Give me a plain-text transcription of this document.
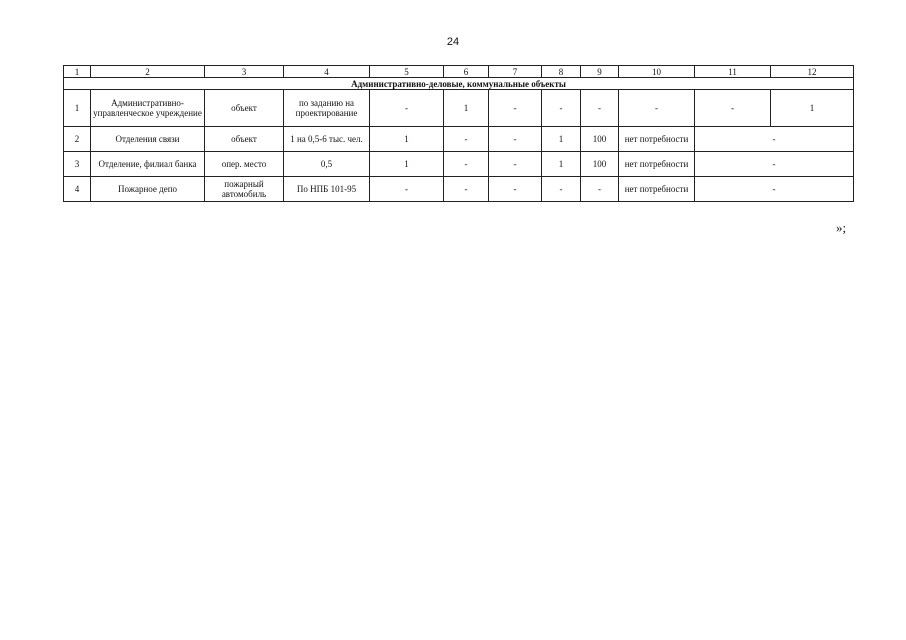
24
1	2	3	4	5	6	7	8	9	10	11	12
Административно-деловые, коммунальные объекты											
1	Административно-управленческое учреждение	объект	по заданию на проектирование	-	1	-	-	-	-	-	1
2	Отделения связи	объект	1 на 0,5-6 тыс. чел.	1	-	-	1	100	нет потребности	-	
3	Отделение, филиал банка	опер. место	0,5	1	-	-	1	100	нет потребности	-	
4	Пожарное депо	пожарный автомобиль	По НПБ 101-95	-	-	-	-	-	нет потребности	-	
»;
